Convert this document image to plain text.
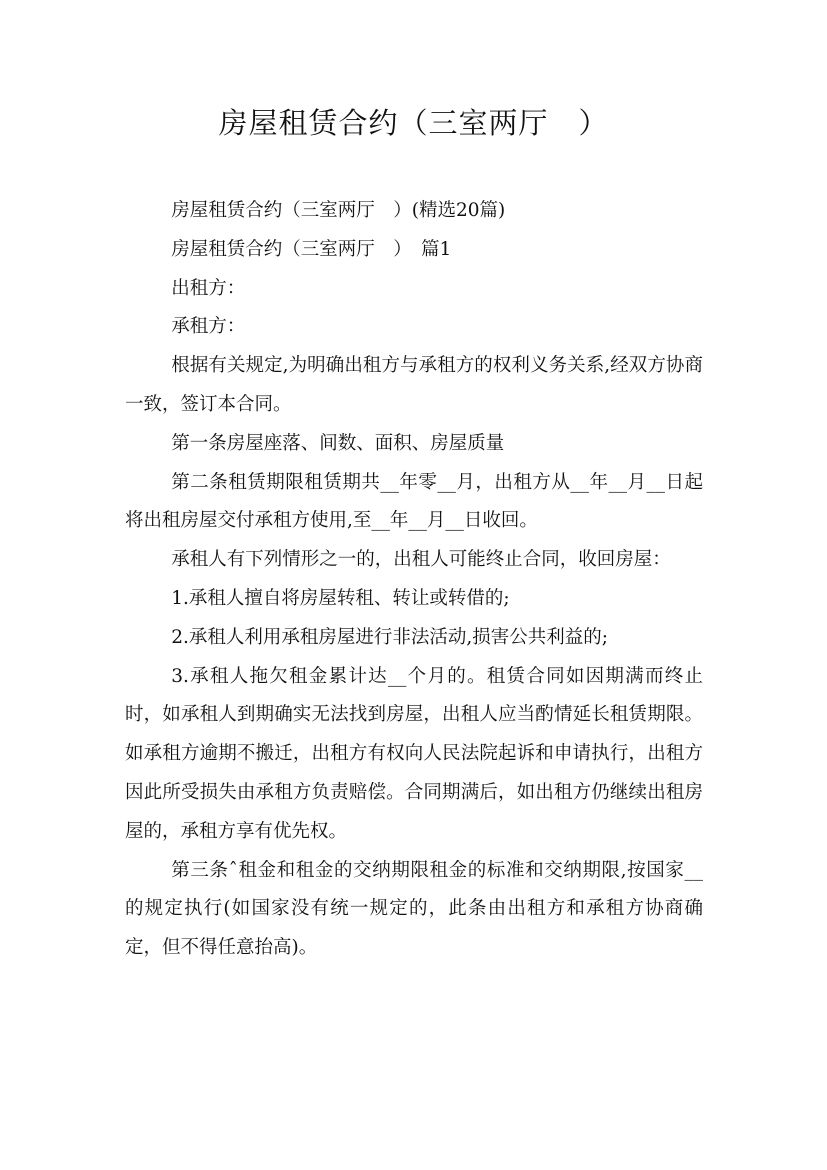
房屋租赁合约（三室两厅　）

房屋租赁合约（三室两厅　）(精选20篇)

房屋租赁合约（三室两厅　）　篇1

出租方：

承租方：

根据有关规定,为明确出租方与承租方的权利义务关系,经双方协商一致，签订本合同。

第一条房屋座落、间数、面积、房屋质量

第二条租赁期限租赁期共__年零__月，出租方从__年__月__日起将出租房屋交付承租方使用,至__年__月__日收回。

承租人有下列情形之一的，出租人可能终止合同，收回房屋：

1.承租人擅自将房屋转租、转让或转借的;

2.承租人利用承租房屋进行非法活动,损害公共利益的;

3.承租人拖欠租金累计达__个月的。租赁合同如因期满而终止时，如承租人到期确实无法找到房屋，出租人应当酌情延长租赁期限。如承租方逾期不搬迁，出租方有权向人民法院起诉和申请执行，出租方因此所受损失由承租方负责赔偿。合同期满后，如出租方仍继续出租房屋的，承租方享有优先权。

第三条ˆ租金和租金的交纳期限租金的标准和交纳期限,按国家__的规定执行(如国家没有统一规定的，此条由出租方和承租方协商确定，但不得任意抬高)。
